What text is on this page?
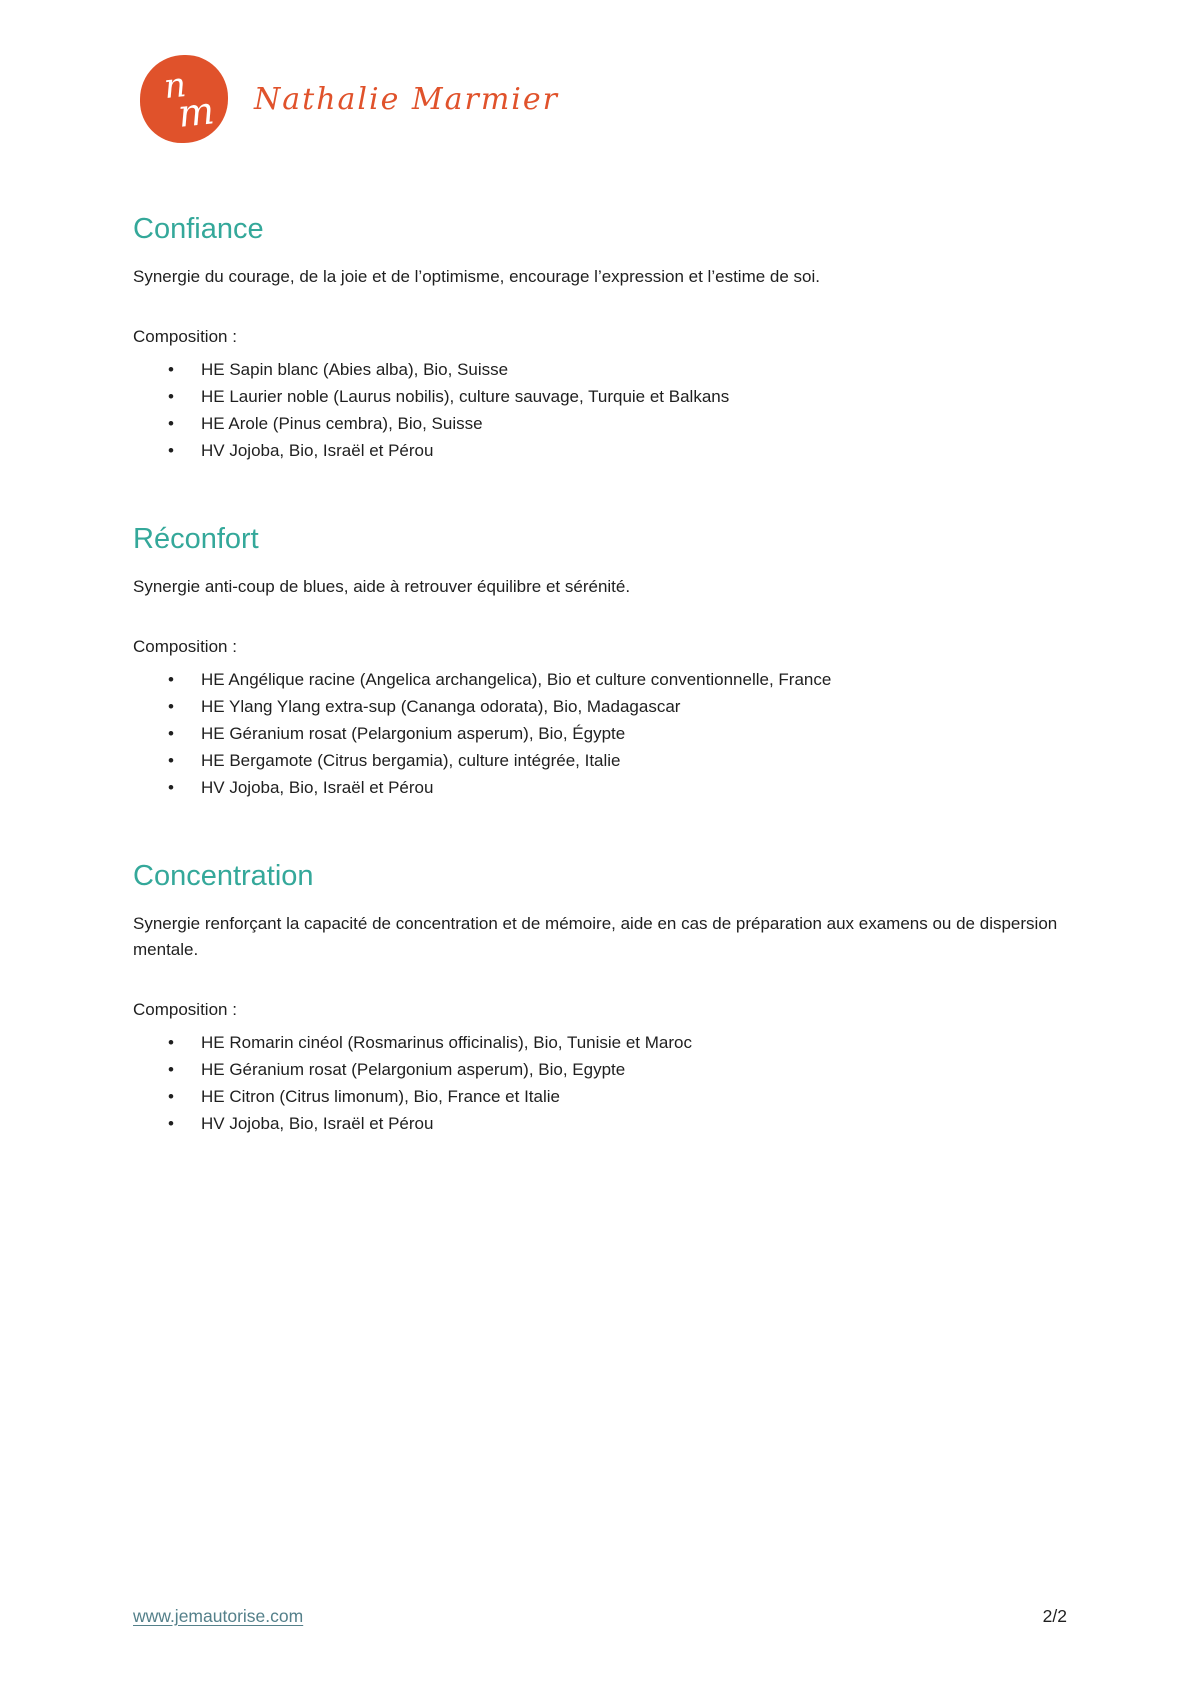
n
m Nathalie Marmier
Confiance

Synergie du courage, de la joie et de l’optimisme, encourage l’expression et l’estime de soi.

Composition :

• HE Sapin blanc (Abies alba), Bio, Suisse
• HE Laurier noble (Laurus nobilis), culture sauvage, Turquie et Balkans
• HE Arole (Pinus cembra), Bio, Suisse
• HV Jojoba, Bio, Israël et Pérou
Réconfort

Synergie anti-coup de blues, aide à retrouver équilibre et sérénité.

Composition :

• HE Angélique racine (Angelica archangelica), Bio et culture conventionnelle, France
• HE Ylang Ylang extra-sup (Cananga odorata), Bio, Madagascar
• HE Géranium rosat (Pelargonium asperum), Bio, Égypte
• HE Bergamote (Citrus bergamia), culture intégrée, Italie
• HV Jojoba, Bio, Israël et Pérou
Concentration

Synergie renforçant la capacité de concentration et de mémoire, aide en cas de préparation aux examens ou de dispersion mentale.

Composition :

• HE Romarin cinéol (Rosmarinus officinalis), Bio, Tunisie et Maroc
• HE Géranium rosat (Pelargonium asperum), Bio, Egypte
• HE Citron (Citrus limonum), Bio, France et Italie
• HV Jojoba, Bio, Israël et Pérou
www.jemautorise.com	2/2
